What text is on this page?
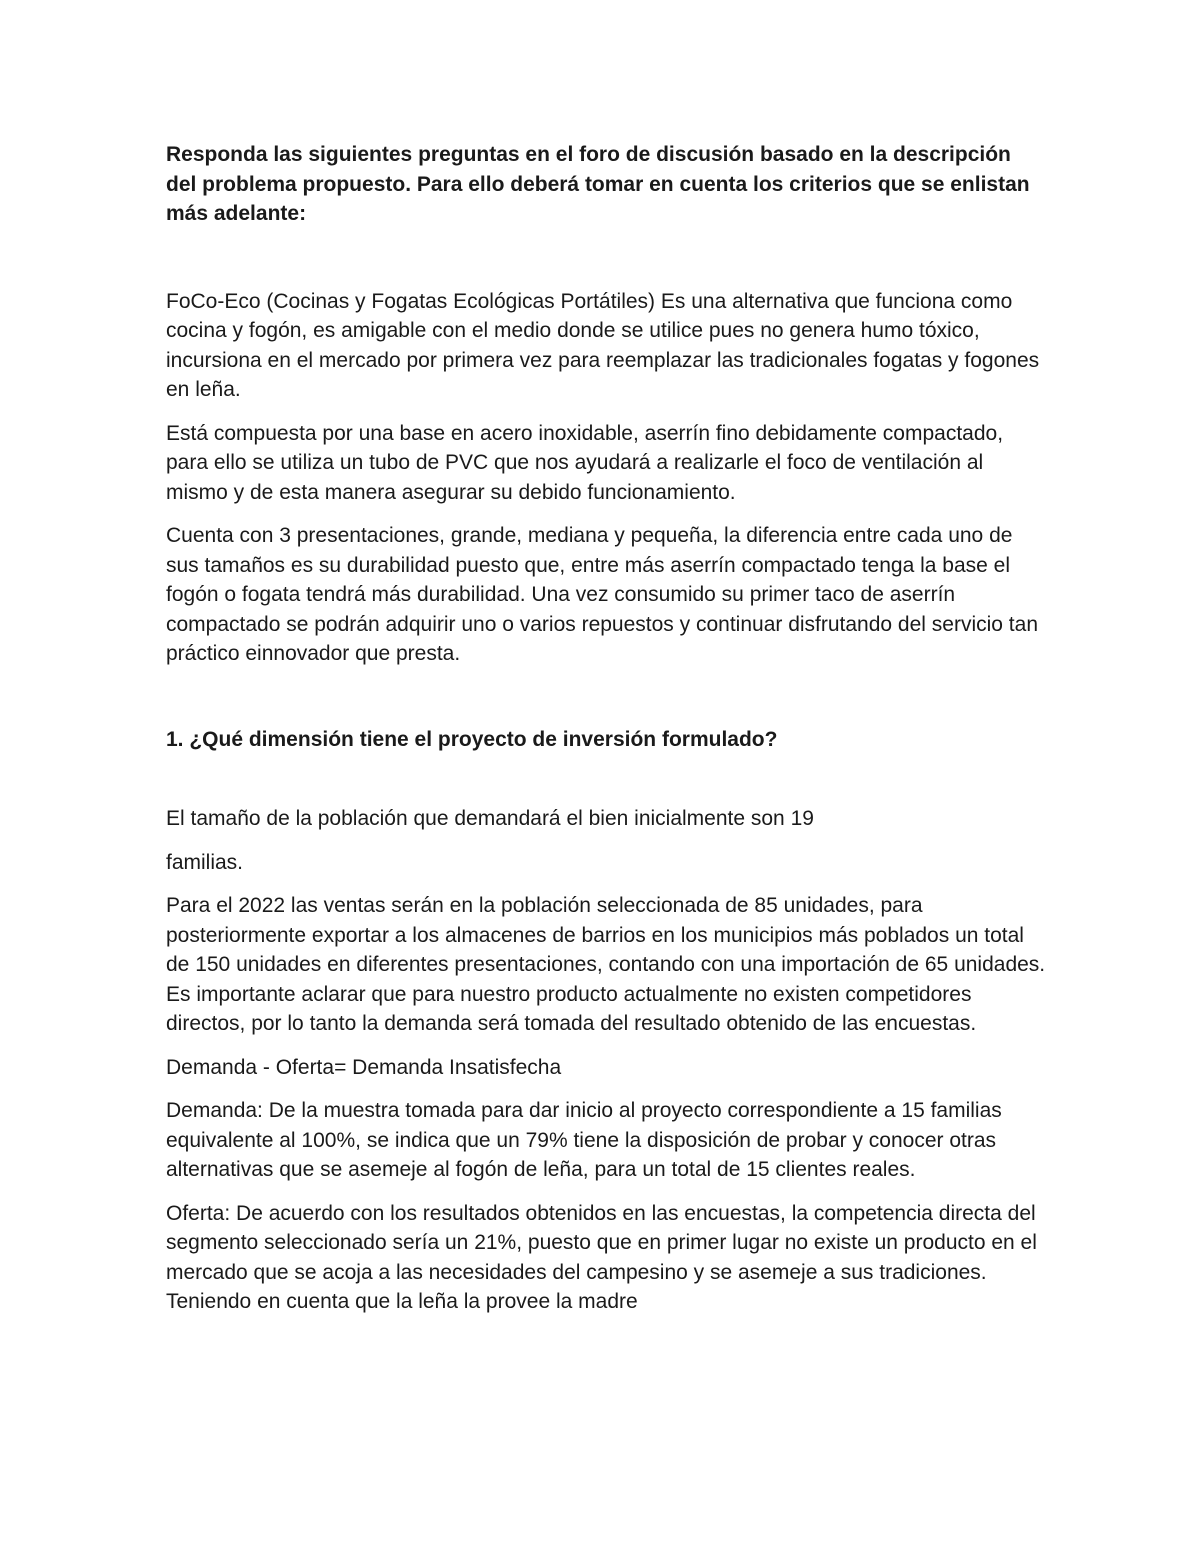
Responda las siguientes preguntas en el foro de discusión basado en la descripción del problema propuesto. Para ello deberá tomar en cuenta los criterios que se enlistan más adelante:

FoCo-Eco (Cocinas y Fogatas Ecológicas Portátiles) Es una alternativa que funciona como cocina y fogón, es amigable con el medio donde se utilice pues no genera humo tóxico, incursiona en el mercado por primera vez para reemplazar las tradicionales fogatas y fogones en leña.

Está compuesta por una base en acero inoxidable, aserrín fino debidamente compactado, para ello se utiliza un tubo de PVC que nos ayudará a realizarle el foco de ventilación al mismo y de esta manera asegurar su debido funcionamiento.

Cuenta con 3 presentaciones, grande, mediana y pequeña, la diferencia entre cada uno de sus tamaños es su durabilidad puesto que, entre más aserrín compactado tenga la base el fogón o fogata tendrá más durabilidad. Una vez consumido su primer taco de aserrín compactado se podrán adquirir uno o varios repuestos y continuar disfrutando del servicio tan práctico einnovador que presta.

1. ¿Qué dimensión tiene el proyecto de inversión formulado?

El tamaño de la población que demandará el bien inicialmente son 19

familias.

Para el 2022 las ventas serán en la población seleccionada de 85 unidades, para posteriormente exportar a los almacenes de barrios en los municipios más poblados un total de 150 unidades en diferentes presentaciones, contando con una importación de 65 unidades. Es importante aclarar que para nuestro producto actualmente no existen competidores directos, por lo tanto la demanda será tomada del resultado obtenido de las encuestas.

Demanda - Oferta= Demanda Insatisfecha

Demanda: De la muestra tomada para dar inicio al proyecto correspondiente a 15 familias equivalente al 100%, se indica que un 79% tiene la disposición de probar y conocer otras alternativas que se asemeje al fogón de leña, para un total de 15 clientes reales.

Oferta: De acuerdo con los resultados obtenidos en las encuestas, la competencia directa del segmento seleccionado sería un 21%, puesto que en primer lugar no existe un producto en el mercado que se acoja a las necesidades del campesino y se asemeje a sus tradiciones. Teniendo en cuenta que la leña la provee la madre
